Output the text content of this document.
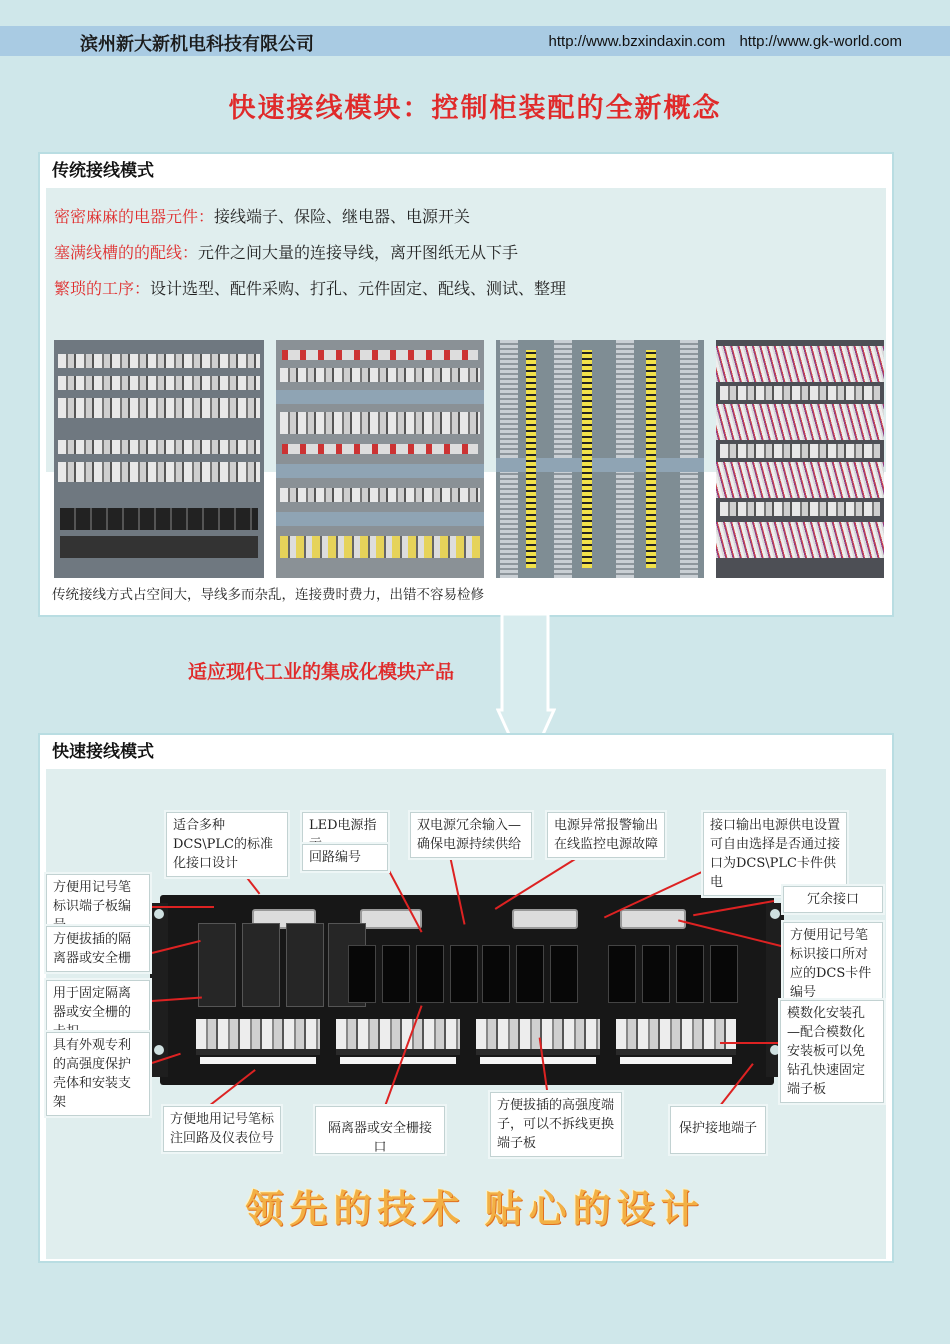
滨州新大新机电科技有限公司	http://www.bzxindaxin.com http://www.gk-world.com
快速接线模块：控制柜装配的全新概念
传统接线模式
密密麻麻的电器元件：接线端子、保险、继电器、电源开关
塞满线槽的的配线：元件之间大量的连接导线，离开图纸无从下手
繁琐的工序：设计选型、配件采购、打孔、元件固定、配线、测试、整理
传统接线方式占空间大，导线多而杂乱，连接费时费力，出错不容易检修
适应现代工业的集成化模块产品
快速接线模式
适合多种DCS\PLC的标准化接口设计
LED电源指
回路编号
双电源冗余输入—确保电源持续供给
电源异常报警输出在线监控电源故障
接口输出电源供电设置可自由选择是否通过接口为DCS\PLC卡件供电
冗余接口
方便用记号笔标识端子板编
方便用记号笔标识接口所对应的DCS卡件编号
方便拔插的隔离器或安全栅
用于固定隔离器或安全栅的	模数化安装孔—配合模数化安装板可以免钻孔快速固定端子板
具有外观专利的高强度保护壳体和安装支架
方便地用记号笔标注回路及仪表位号
隔离器或安全栅接口
方便拔插的高强度端子，可以不拆线更换端子板
保护接地端子
领先的技术 贴心的设计
